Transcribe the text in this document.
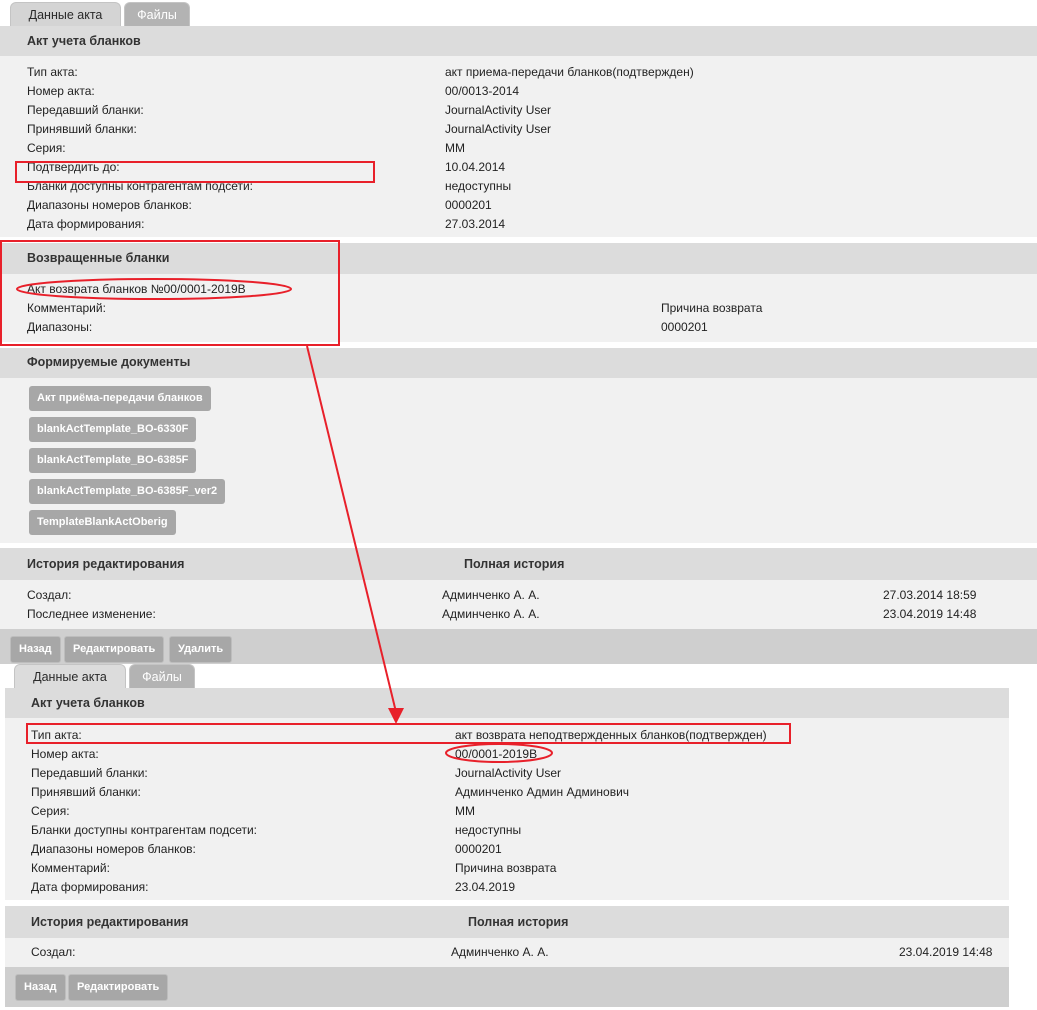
Данные акта	Файлы
Акт учета бланков
Тип акта:	акт приема-передачи бланков(подтвержден)
Номер акта:	00/0013-2014
Передавший бланки:	JournalActivity User
Принявший бланки:	JournalActivity User
Серия:	ММ
Подтвердить до:	10.04.2014
Бланки доступны контрагентам подсети:	недоступны
Диапазоны номеров бланков:	0000201
Дата формирования:	27.03.2014
Возвращенные бланки
Акт возврата бланков №00/0001-2019В
Комментарий:	Причина возврата
Диапазоны:	0000201
Формируемые документы
Акт приёма-передачи бланков
blankActTemplate_BO-6330F
blankActTemplate_BO-6385F
blankActTemplate_BO-6385F_ver2
TemplateBlankActOberig
История редактирования	Полная история
Создал:	Админченко А. А.	27.03.2014 18:59
Последнее изменение:	Админченко А. А.	23.04.2019 14:48
Назад	Редактировать	Удалить
Данные акта	Файлы
Акт учета бланков
Тип акта:	акт возврата неподтвержденных бланков(подтвержден)
Номер акта:	00/0001-2019В
Передавший бланки:	JournalActivity User
Принявший бланки:	Админченко Админ Админович
Серия:	ММ
Бланки доступны контрагентам подсети:	недоступны
Диапазоны номеров бланков:	0000201
Комментарий:	Причина возврата
Дата формирования:	23.04.2019
История редактирования	Полная история
Создал:	Админченко А. А.	23.04.2019 14:48
Назад	Редактировать
